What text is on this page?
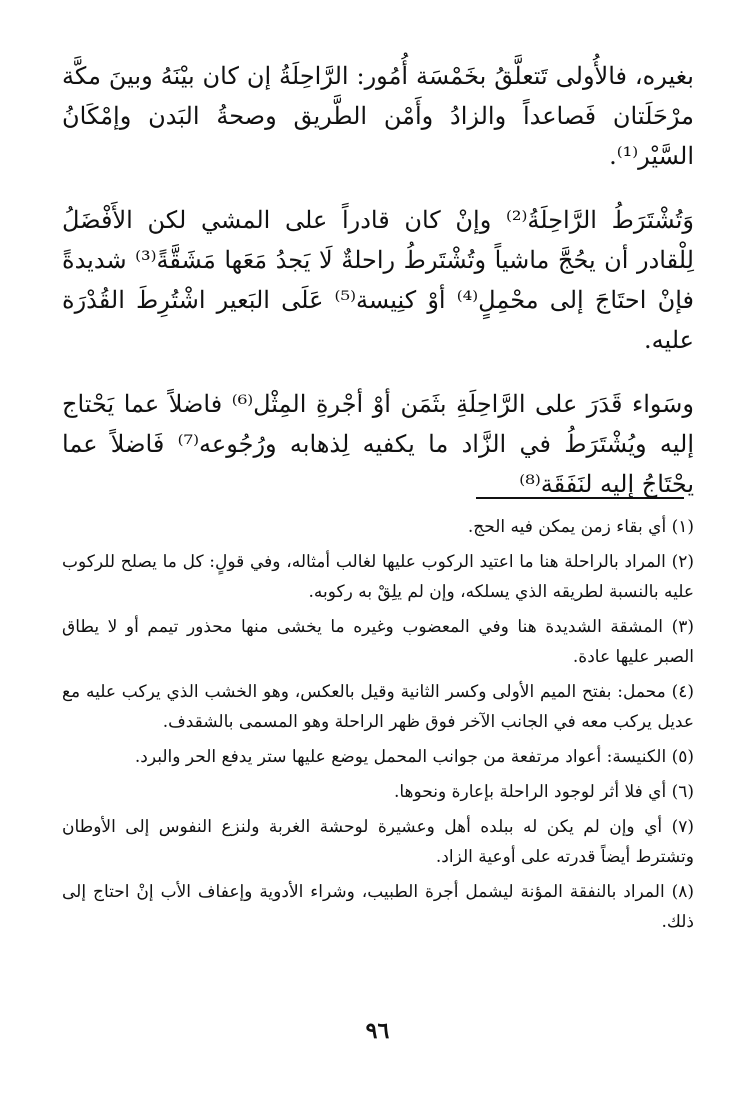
بغيره، فالأُولى تَتعلَّقُ بخَمْسَة أُمُور: الرَّاحِلَةُ إن كان بيْنَهُ وبينَ مكَّة مرْحَلَتان فَصاعداً والزادُ وأَمْن الطَّريق وصحةُ البَدن وإمْكَانُ السَّيْر⁽¹⁾.

وَتُشْتَرَطُ الرَّاحِلَةُ⁽²⁾ وإنْ كان قادراً على المشي لكن الأَفْضَلُ لِلْقادر أن يحُجَّ ماشياً وتُشْتَرطُ راحلةٌ لَا يَجدُ مَعَها مَشَقَّةً⁽³⁾ شديدةً فإنْ احتَاجَ إلى محْمِلٍ⁽⁴⁾ أوْ كنِيسة⁽⁵⁾ عَلَى البَعير اشْتُرِطَ القُدْرَة عليه.

وسَواء قَدَرَ على الرَّاحِلَةِ بثَمَن أوْ أجْرةِ المِثْل⁽⁶⁾ فاضلاً عما يَحْتاج إليه ويُشْتَرَطُ في الزَّاد ما يكفيه لِذهابه ورُجُوعه⁽⁷⁾ فَاضلاً عما يحْتَاجُ إليه لنَفَقَة⁽⁸⁾

(١) أي بقاء زمن يمكن فيه الحج.

(٢) المراد بالراحلة هنا ما اعتيد الركوب عليها لغالب أمثاله، وفي قولٍ: كل ما يصلح للركوب عليه بالنسبة لطريقه الذي يسلكه، وإن لم يلِقْ به ركوبه.

(٣) المشقة الشديدة هنا وفي المعضوب وغيره ما يخشى منها محذور تيمم أو لا يطاق الصبر عليها عادة.

(٤) محمل: بفتح الميم الأولى وكسر الثانية وقيل بالعكس، وهو الخشب الذي يركب عليه مع عديل يركب معه في الجانب الآخر فوق ظهر الراحلة وهو المسمى بالشقدف.

(٥) الكنيسة: أعواد مرتفعة من جوانب المحمل يوضع عليها ستر يدفع الحر والبرد.

(٦) أي فلا أثر لوجود الراحلة بإعارة ونحوها.

(٧) أي وإن لم يكن له ببلده أهل وعشيرة لوحشة الغربة ولنزع النفوس إلى الأوطان وتشترط أيضاً قدرته على أوعية الزاد.

(٨) المراد بالنفقة المؤنة ليشمل أجرة الطبيب، وشراء الأدوية وإعفاف الأب إنْ احتاج إلى ذلك.

٩٦
